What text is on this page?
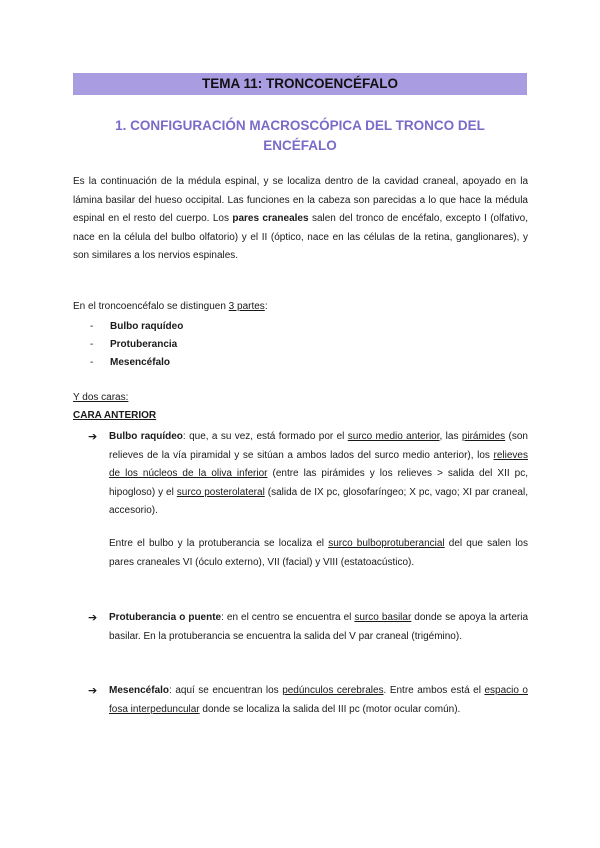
TEMA 11: TRONCOENCÉFALO
1. CONFIGURACIÓN MACROSCÓPICA DEL TRONCO DEL ENCÉFALO
Es la continuación de la médula espinal, y se localiza dentro de la cavidad craneal, apoyado en la lámina basilar del hueso occipital. Las funciones en la cabeza son parecidas a lo que hace la médula espinal en el resto del cuerpo. Los pares craneales salen del tronco de encéfalo, excepto I (olfativo, nace en la célula del bulbo olfatorio) y el II (óptico, nace en las células de la retina, ganglionares), y son similares a los nervios espinales.
En el troncoencéfalo se distinguen 3 partes:
- Bulbo raquídeo
- Protuberancia
- Mesencéfalo
Y dos caras:
CARA ANTERIOR
➔	Bulbo raquídeo: que, a su vez, está formado por el surco medio anterior, las pirámides (son relieves de la vía piramidal y se sitúan a ambos lados del surco medio anterior), los relieves de los núcleos de la oliva inferior (entre las pirámides y los relieves > salida del XII pc, hipogloso) y el surco posterolateral (salida de IX pc, glosofaríngeo; X pc, vago; XI par craneal, accesorio).
Entre el bulbo y la protuberancia se localiza el surco bulboprotuberancial del que salen los pares craneales VI (óculo externo), VII (facial) y VIII (estatoacústico).
➔	Protuberancia o puente: en el centro se encuentra el surco basilar donde se apoya la arteria basilar. En la protuberancia se encuentra la salida del V par craneal (trigémino).
➔	Mesencéfalo: aquí se encuentran los pedúnculos cerebrales. Entre ambos está el espacio o fosa interpeduncular donde se localiza la salida del III pc (motor ocular común).
